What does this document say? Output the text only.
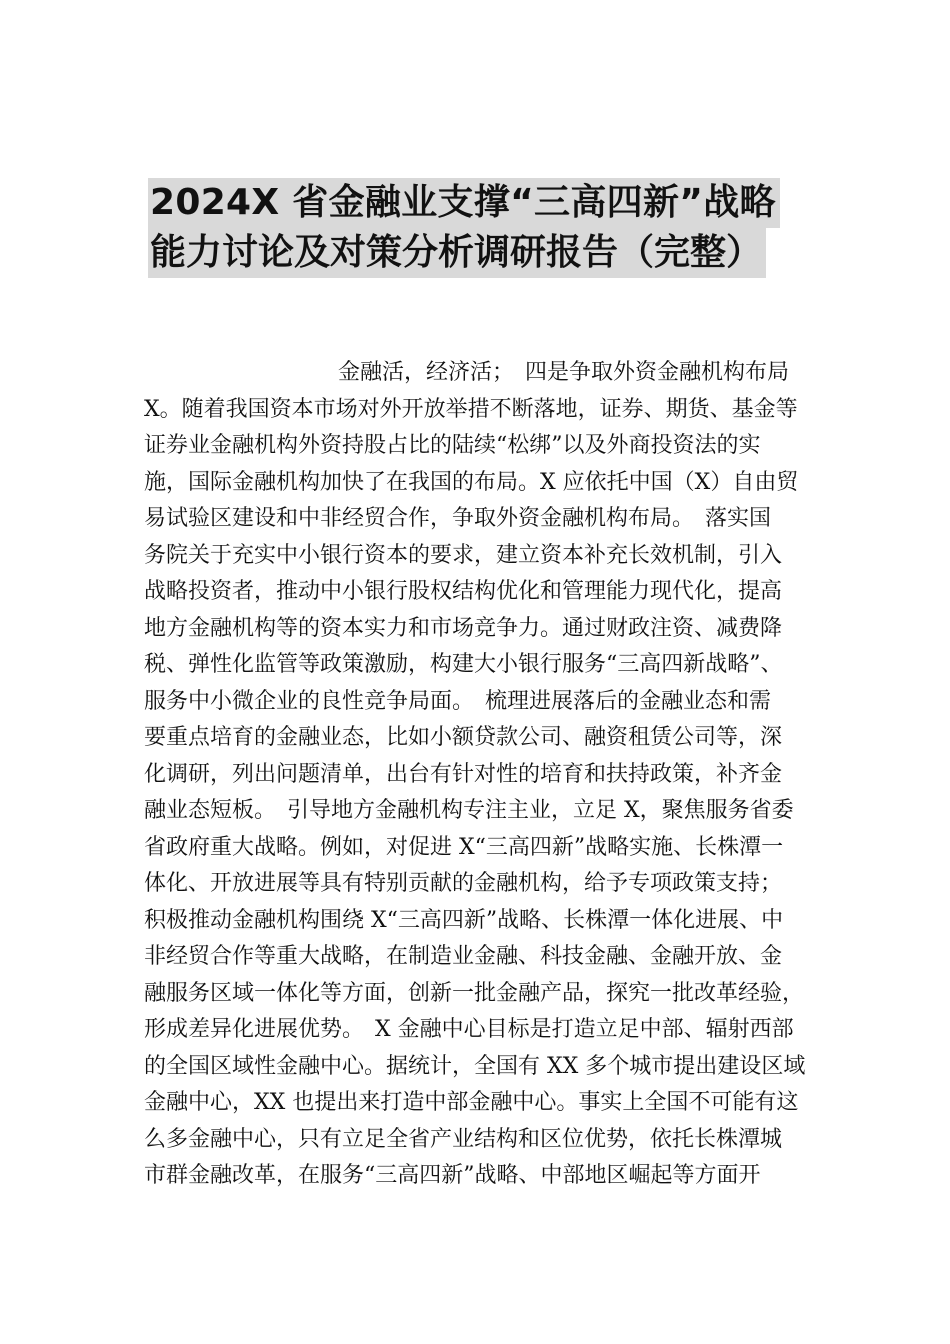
2024X 省金融业支撑“三高四新”战略
能力讨论及对策分析调研报告（完整）
金融活，经济活；　四是争取外资金融机构布局
X。随着我国资本市场对外开放举措不断落地，证券、期货、基金等
证券业金融机构外资持股占比的陆续“松绑”以及外商投资法的实
施，国际金融机构加快了在我国的布局。X 应依托中国（X）自由贸
易试验区建设和中非经贸合作，争取外资金融机构布局。　落实国
务院关于充实中小银行资本的要求，建立资本补充长效机制，引入
战略投资者，推动中小银行股权结构优化和管理能力现代化，提高
地方金融机构等的资本实力和市场竞争力。通过财政注资、减费降
税、弹性化监管等政策激励，构建大小银行服务“三高四新战略”、
服务中小微企业的良性竞争局面。　梳理进展落后的金融业态和需
要重点培育的金融业态，比如小额贷款公司、融资租赁公司等，深
化调研，列出问题清单，出台有针对性的培育和扶持政策，补齐金
融业态短板。　引导地方金融机构专注主业，立足 X，聚焦服务省委
省政府重大战略。例如，对促进 X“三高四新”战略实施、长株潭一
体化、开放进展等具有特别贡献的金融机构，给予专项政策支持；
积极推动金融机构围绕 X“三高四新”战略、长株潭一体化进展、中
非经贸合作等重大战略，在制造业金融、科技金融、金融开放、金
融服务区域一体化等方面，创新一批金融产品，探究一批改革经验，
形成差异化进展优势。　X 金融中心目标是打造立足中部、辐射西部
的全国区域性金融中心。据统计，全国有 XX 多个城市提出建设区域
金融中心，XX 也提出来打造中部金融中心。事实上全国不可能有这
么多金融中心，只有立足全省产业结构和区位优势，依托长株潭城
市群金融改革，在服务“三高四新”战略、中部地区崛起等方面开
